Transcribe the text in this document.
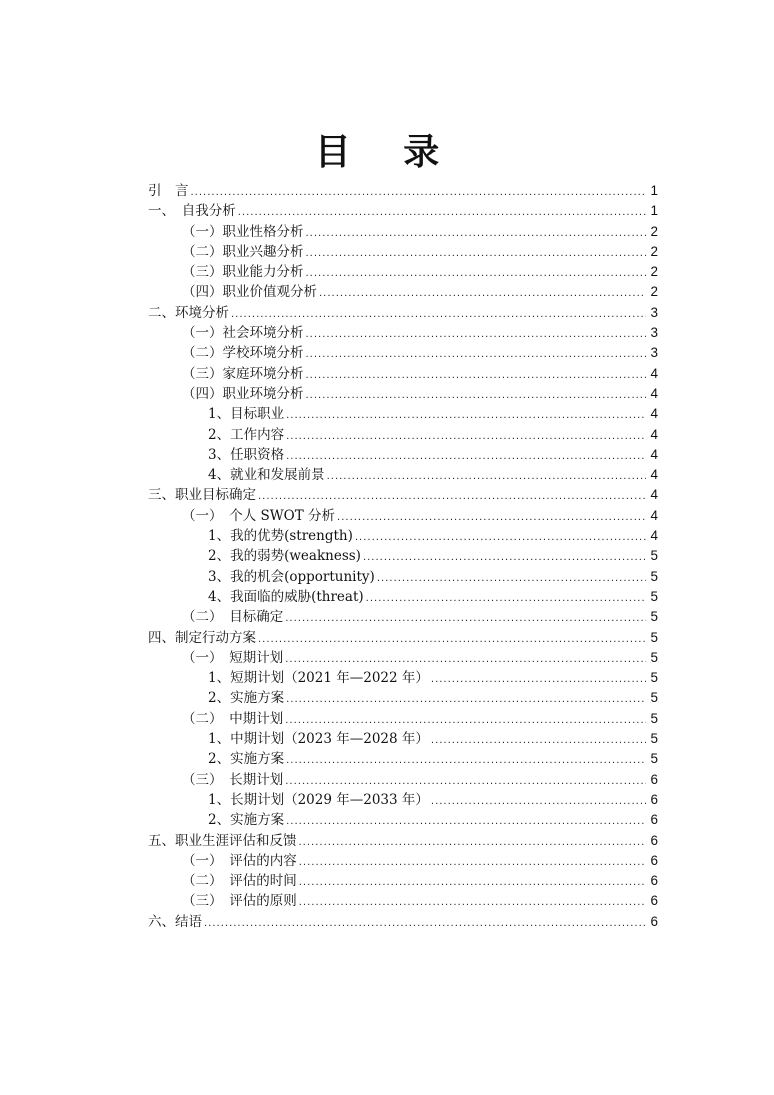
目 录
引　言 .....	1
一、　自我分析 .....	1
（一）职业性格分析 .....	2
（二）职业兴趣分析 .....	2
（三）职业能力分析 .....	2
（四）职业价值观分析 .....	2
二、环境分析 .....	3
（一）社会环境分析 .....	3
（二）学校环境分析 .....	3
（三）家庭环境分析 .....	4
（四）职业环境分析 .....	4
1、目标职业 .....	4
2、工作内容 .....	4
3、任职资格 .....	4
4、就业和发展前景 .....	4
三、职业目标确定 .....	4
（一）　个人 SWOT 分析 .....	4
1、我的优势(strength) .....	4
2、我的弱势(weakness) .....	5
3、我的机会(opportunity) .....	5
4、我面临的威胁(threat) .....	5
（二）　目标确定 .....	5
四、制定行动方案 .....	5
（一）　短期计划 .....	5
1、短期计划（2021 年—2022 年） .....	5
2、实施方案 .....	5
（二）　中期计划 .....	5
1、中期计划（2023 年—2028 年） .....	5
2、实施方案 .....	5
（三）　长期计划 .....	6
1、长期计划（2029 年—2033 年） .....	6
2、实施方案 .....	6
五、职业生涯评估和反馈 .....	6
（一）　评估的内容 .....	6
（二）　评估的时间 .....	6
（三）　评估的原则 .....	6
六、结语 .....	6
